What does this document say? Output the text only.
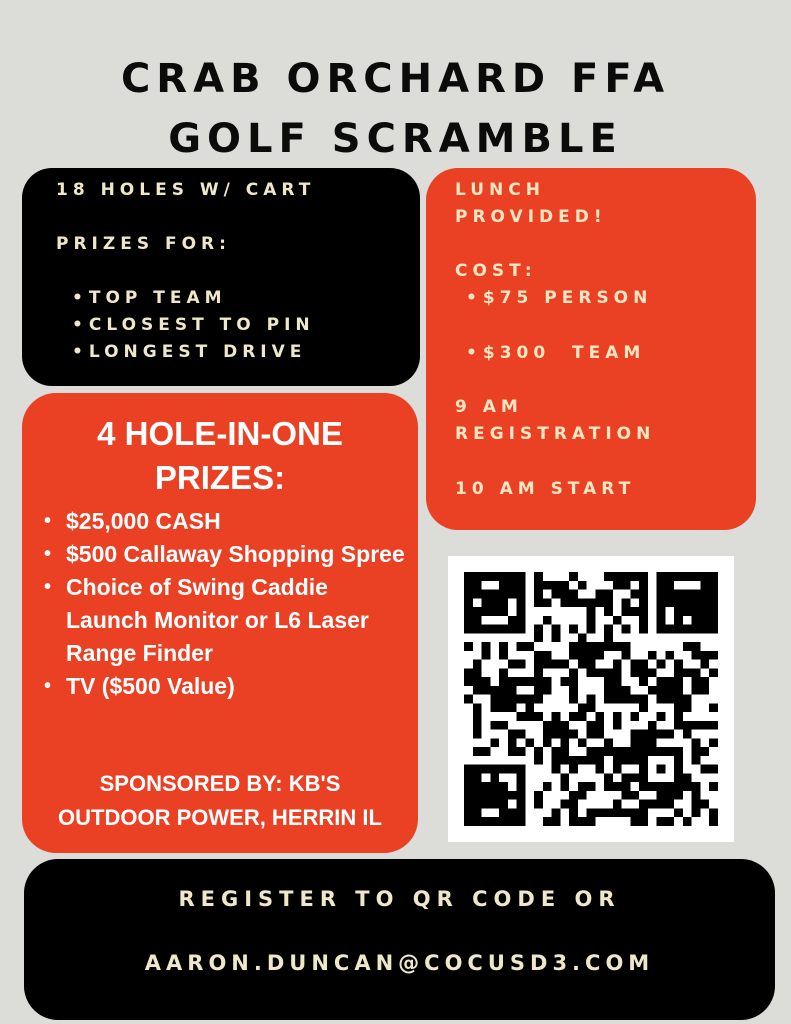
CRAB ORCHARD FFA
GOLF SCRAMBLE
18 HOLES W/ CART
PRIZES FOR:
• TOP TEAM
• CLOSEST TO PIN
• LONGEST DRIVE
LUNCH
PROVIDED!
COST:
• $75 PERSON
• $300  TEAM
9 AM
REGISTRATION
10 AM START
4 HOLE-IN-ONE
PRIZES:
• $25,000 CASH
• $500 Callaway Shopping Spree
• Choice of Swing Caddie Launch Monitor or L6 Laser Range Finder
• TV ($500 Value)
SPONSORED BY: KB'S
OUTDOOR POWER, HERRIN IL
REGISTER TO QR CODE OR
AARON.DUNCAN@COCUSD3.COM
